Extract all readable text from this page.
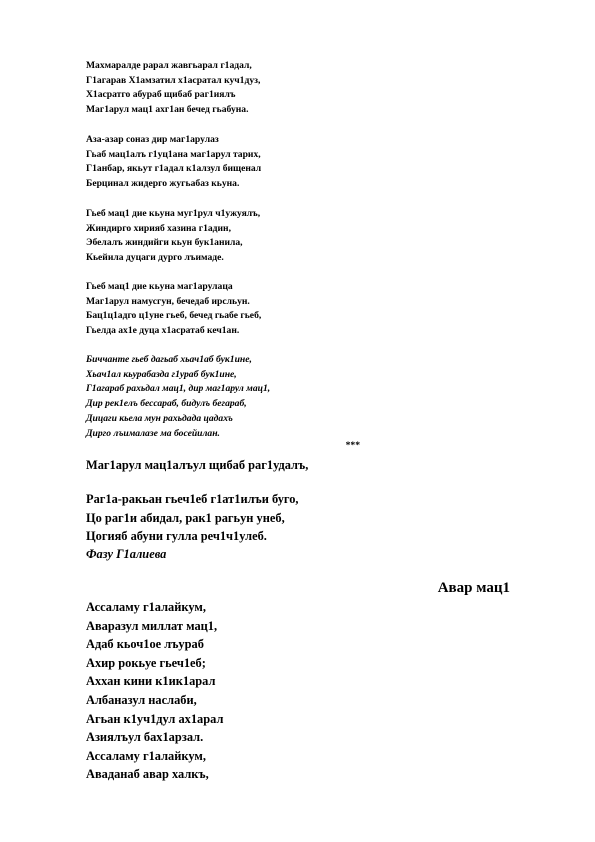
Махмаралде рарал жавгьарал г1адал,
Г1агарав Х1амзатил х1асратал куч1дуз,
Х1асратго абураб щибаб раг1иялъ
Маг1арул мац1 ахг1ан бечед гьабуна.
Аза-азар соназ дир маг1арулаз
Гьаб мац1алъ г1уц1ана маг1арул тарих,
Г1анбар, якьут г1адал к1алзул бищенал
Берцинал жидерго жугьабаз кьуна.
Гьеб мац1 дие кьуна муг1рул ч1ужуялъ,
Жиндирго хирияб хазина г1адин,
Эбелалъ жиндийги кьун бук1анила,
Кьейила дуцаги дурго лъимаде.
Гьеб мац1 дие кьуна маг1арулаца
Маг1арул намусгун, бечедаб ирсльун.
Бац1ц1адго ц1уне гьеб, бечед гьабе гьеб,
Гьелда ах1е дуца х1асратаб кеч1ан.
Биччанте гьеб дагьаб хьач1аб бук1ине,
Хьач1ал кьурабазда г1ураб бук1ине,
Г1агараб рахьдал мац1, дир маг1арул мац1,
Дир рек1елъ бессараб, бидулъ бегараб,
Дицаги кьела мун рахьдада цадахъ
Дирго лъималазе ма босейилан.
***
Маг1арул мац1алъул щибаб раг1удалъ,
Раг1а-ракьан гьеч1еб г1ат1илъи буго,
Цо раг1и абидал, рак1 рагьун унеб,
Цогияб абуни гулла реч1ч1улеб.
Фазу Г1алиева
Авар мац1
Ассаламу г1алайкум,
Аваразул миллат мац1,
Адаб кьоч1ое лъураб
Ахир рокьуе гьеч1еб;
Аххан кини к1ик1арал
Албаназул наслаби,
Агьан к1уч1дул ах1арал
Азиялъул бах1арзал.
Ассаламу г1алайкум,
Аваданаб авар халкъ,
